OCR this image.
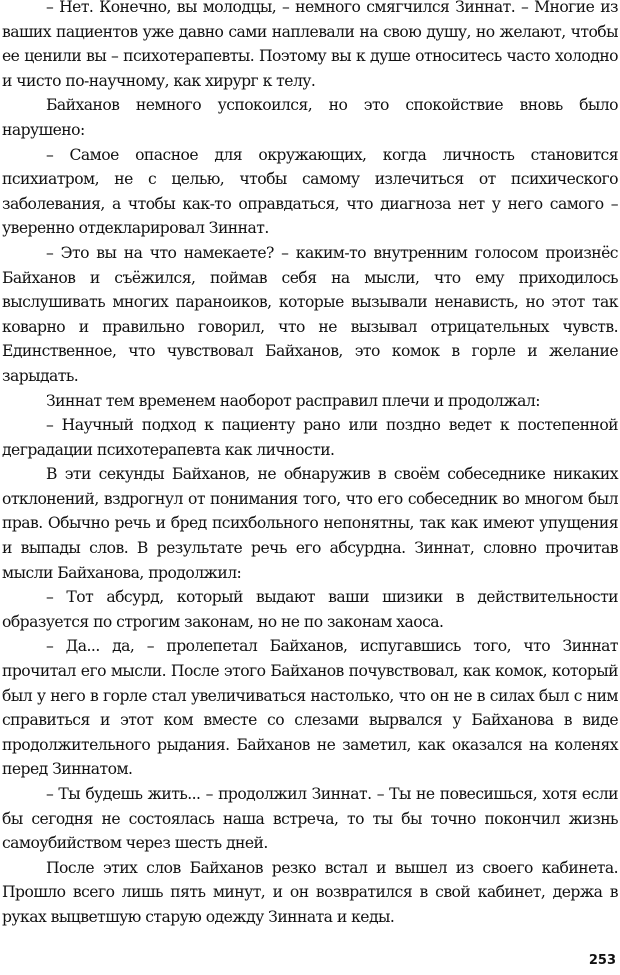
– Нет. Конечно, вы молодцы, – немного смягчился Зиннат. – Многие из ваших пациентов уже давно сами наплевали на свою душу, но желают, чтобы ее ценили вы – психотерапевты. Поэтому вы к душе относитесь часто холодно и чисто по-научному, как хирург к телу.

Байханов немного успокоился, но это спокойствие вновь было нарушено:

– Самое опасное для окружающих, когда личность становится психиатром, не с целью, чтобы самому излечиться от психического заболевания, а чтобы как-то оправдаться, что диагноза нет у него самого – уверенно отдекларировал Зиннат.

– Это вы на что намекаете? – каким-то внутренним голосом произнёс Байханов и съёжился, поймав себя на мысли, что ему приходилось выслушивать многих параноиков, которые вызывали ненависть, но этот так коварно и правильно говорил, что не вызывал отрицательных чувств. Единственное, что чувствовал Байханов, это комок в горле и желание зарыдать.

Зиннат тем временем наоборот расправил плечи и продолжал:

– Научный подход к пациенту рано или поздно ведет к постепенной деградации психотерапевта как личности.

В эти секунды Байханов, не обнаружив в своём собеседнике никаких отклонений, вздрогнул от понимания того, что его собеседник во многом был прав. Обычно речь и бред психбольного непонятны, так как имеют упущения и выпады слов. В результате речь его абсурдна. Зиннат, словно прочитав мысли Байханова, продолжил:

– Тот абсурд, который выдают ваши шизики в действительности образуется по строгим законам, но не по законам хаоса.

– Да... да, – пролепетал Байханов, испугавшись того, что Зиннат прочитал его мысли. После этого Байханов почувствовал, как комок, который был у него в горле стал увеличиваться настолько, что он не в силах был с ним справиться и этот ком вместе со слезами вырвался у Байханова в виде продолжительного рыдания. Байханов не заметил, как оказался на коленях перед Зиннатом.

– Ты будешь жить... – продолжил Зиннат. – Ты не повесишься, хотя если бы сегодня не состоялась наша встреча, то ты бы точно покончил жизнь самоубийством через шесть дней.

После этих слов Байханов резко встал и вышел из своего кабинета. Прошло всего лишь пять минут, и он возвратился в свой кабинет, держа в руках выцветшую старую одежду Зинната и кеды.

253
